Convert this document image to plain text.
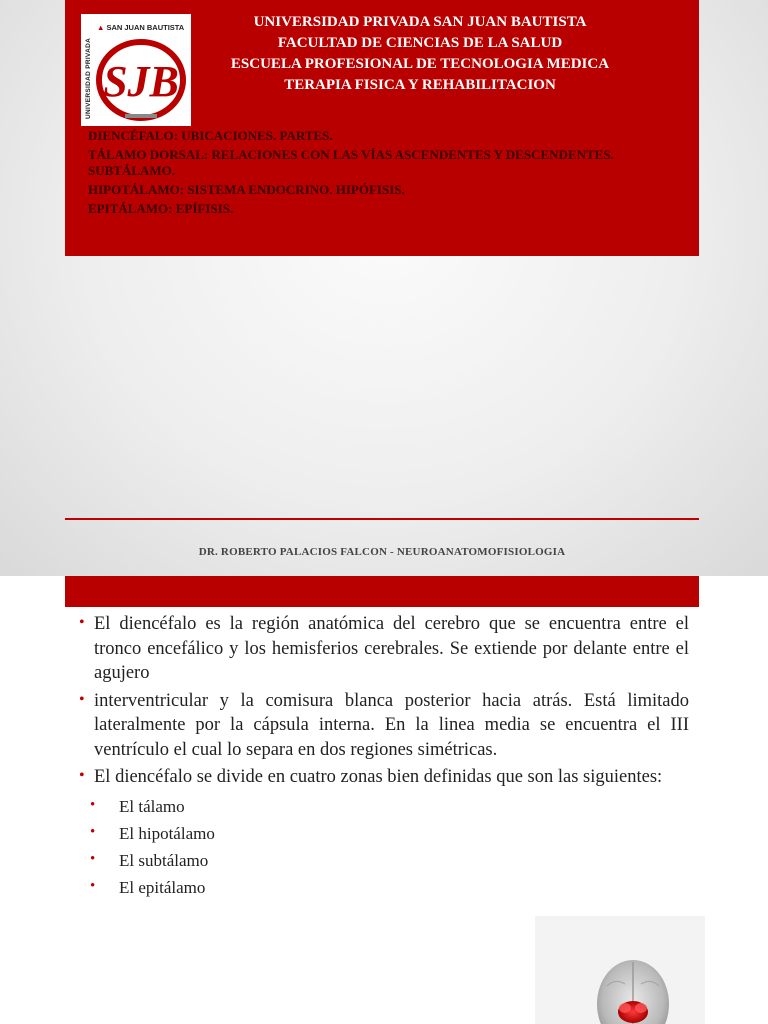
▲ SAN JUAN BAUTISTA
UNIVERSIDAD PRIVADA SJB
UNIVERSIDAD PRIVADA SAN JUAN BAUTISTA
FACULTAD DE CIENCIAS DE LA SALUD
ESCUELA PROFESIONAL DE TECNOLOGIA MEDICA
TERAPIA FISICA Y REHABILITACION
DIENCÉFALO: UBICACIONES. PARTES.
TÁLAMO DORSAL: RELACIONES CON LAS VÍAS ASCENDENTES Y DESCENDENTES.
SUBTÁLAMO.
HIPOTÁLAMO: SISTEMA ENDOCRINO. HIPÓFISIS.
EPITÁLAMO: EPÍFISIS.
DR. ROBERTO PALACIOS FALCON - NEUROANATOMOFISIOLOGIA
• El diencéfalo es la región anatómica del cerebro que se encuentra entre el tronco encefálico y los hemisferios cerebrales. Se extiende por delante entre el agujero
• interventricular y la comisura blanca posterior hacia atrás. Está limitado lateralmente por la cápsula interna. En la linea media se encuentra el III ventrículo el cual lo separa en dos regiones simétricas.
• El diencéfalo se divide en cuatro zonas bien definidas que son las siguientes:
• El tálamo
• El hipotálamo
• El subtálamo
• El epitálamo
